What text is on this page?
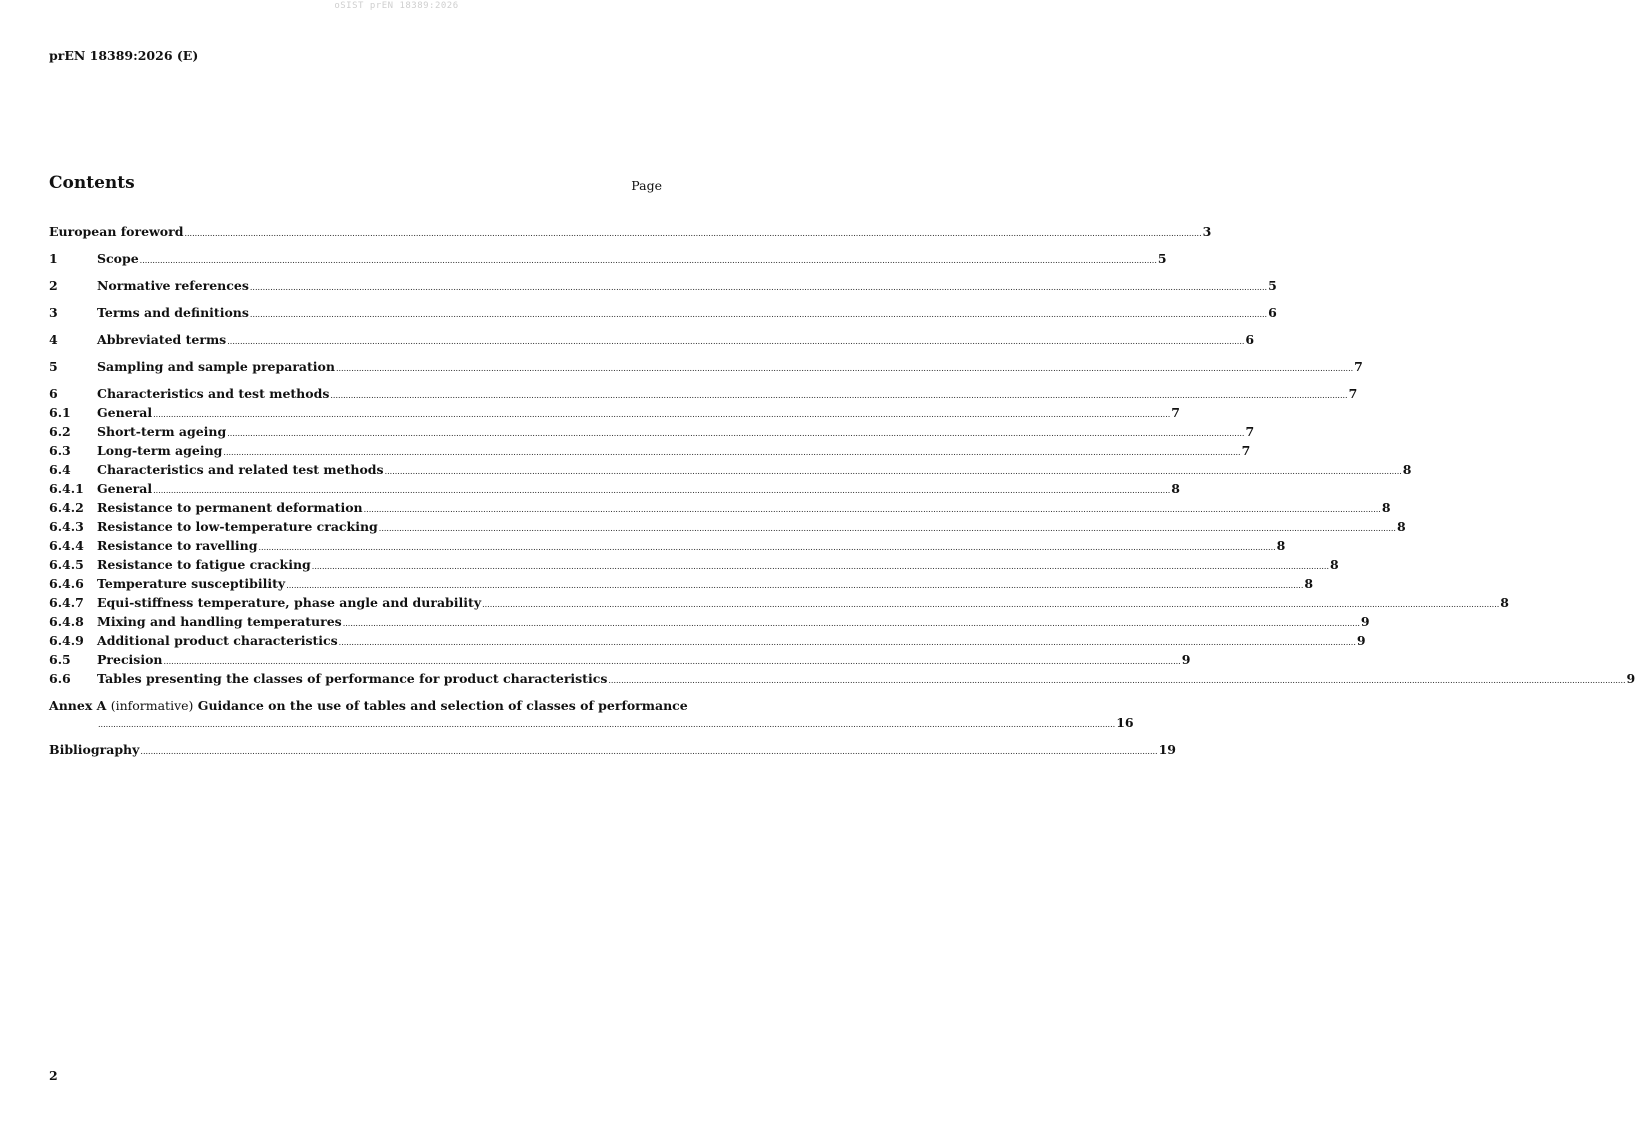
oSIST prEN 18389:2026
prEN 18389:2026 (E)
Contents	Page
European foreword ................................................................................................................................................................................................................................................................................................................................................................................................................ 3
1	Scope ................................................................................................................................................................................................................................................................................................................................................................................................................ 5
2	Normative references ................................................................................................................................................................................................................................................................................................................................................................................................................ 5
3	Terms and definitions ................................................................................................................................................................................................................................................................................................................................................................................................................ 6
4	Abbreviated terms ................................................................................................................................................................................................................................................................................................................................................................................................................ 6
5	Sampling and sample preparation ................................................................................................................................................................................................................................................................................................................................................................................................................ 7
6	Characteristics and test methods ................................................................................................................................................................................................................................................................................................................................................................................................................ 7
6.1	General ................................................................................................................................................................................................................................................................................................................................................................................................................ 7
6.2	Short-term ageing ................................................................................................................................................................................................................................................................................................................................................................................................................ 7
6.3	Long-term ageing ................................................................................................................................................................................................................................................................................................................................................................................................................ 7
6.4	Characteristics and related test methods ................................................................................................................................................................................................................................................................................................................................................................................................................ 8
6.4.1	General ................................................................................................................................................................................................................................................................................................................................................................................................................ 8
6.4.2	Resistance to permanent deformation ................................................................................................................................................................................................................................................................................................................................................................................................................ 8
6.4.3	Resistance to low-temperature cracking ................................................................................................................................................................................................................................................................................................................................................................................................................ 8
6.4.4	Resistance to ravelling ................................................................................................................................................................................................................................................................................................................................................................................................................ 8
6.4.5	Resistance to fatigue cracking ................................................................................................................................................................................................................................................................................................................................................................................................................ 8
6.4.6	Temperature susceptibility ................................................................................................................................................................................................................................................................................................................................................................................................................ 8
6.4.7	Equi-stiffness temperature, phase angle and durability ................................................................................................................................................................................................................................................................................................................................................................................................................ 8
6.4.8	Mixing and handling temperatures ................................................................................................................................................................................................................................................................................................................................................................................................................ 9
6.4.9	Additional product characteristics ................................................................................................................................................................................................................................................................................................................................................................................................................ 9
6.5	Precision ................................................................................................................................................................................................................................................................................................................................................................................................................ 9
6.6	Tables presenting the classes of performance for product characteristics ................................................................................................................................................................................................................................................................................................................................................................................................................ 9
Annex A (informative) Guidance on the use of tables and selection of classes of performance
................................................................................................................................................................................................................................................................................................................................................................................................................ 16
Bibliography ................................................................................................................................................................................................................................................................................................................................................................................................................ 19
2
